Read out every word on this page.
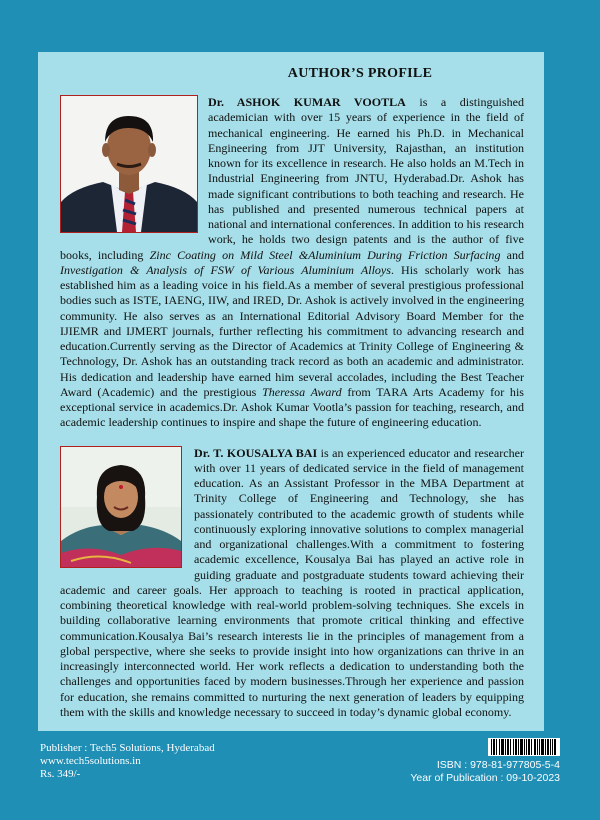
AUTHOR’S PROFILE
Dr. ASHOK KUMAR VOOTLA is a distinguished academician with over 15 years of experience in the field of mechanical engineering. He earned his Ph.D. in Mechanical Engineering from JJT University, Rajasthan, an institution known for its excellence in research. He also holds an M.Tech in Industrial Engineering from JNTU, Hyderabad.Dr. Ashok has made significant contributions to both teaching and research. He has published and presented numerous technical papers at national and international conferences. In addition to his research work, he holds two design patents and is the author of five books, including Zinc Coating on Mild Steel &Aluminium During Friction Surfacing and Investigation & Analysis of FSW of Various Aluminium Alloys. His scholarly work has established him as a leading voice in his field.As a member of several prestigious professional bodies such as ISTE, IAENG, IIW, and IRED, Dr. Ashok is actively involved in the engineering community. He also serves as an International Editorial Advisory Board Member for the IJIEMR and IJMERT journals, further reflecting his commitment to advancing research and education.Currently serving as the Director of Academics at Trinity College of Engineering & Technology, Dr. Ashok has an outstanding track record as both an academic and administrator. His dedication and leadership have earned him several accolades, including the Best Teacher Award (Academic) and the prestigious Theressa Award from TARA Arts Academy for his exceptional service in academics.Dr. Ashok Kumar Vootla’s passion for teaching, research, and academic leadership continues to inspire and shape the future of engineering education.
Dr. T. KOUSALYA BAI is an experienced educator and researcher with over 11 years of dedicated service in the field of management education. As an Assistant Professor in the MBA Department at Trinity College of Engineering and Technology, she has passionately contributed to the academic growth of students while continuously exploring innovative solutions to complex managerial and organizational challenges.With a commitment to fostering academic excellence, Kousalya Bai has played an active role in guiding graduate and postgraduate students toward achieving their academic and career goals. Her approach to teaching is rooted in practical application, combining theoretical knowledge with real-world problem-solving techniques. She excels in building collaborative learning environments that promote critical thinking and effective communication.Kousalya Bai’s research interests lie in the principles of management from a global perspective, where she seeks to provide insight into how organizations can thrive in an increasingly interconnected world. Her work reflects a dedication to understanding both the challenges and opportunities faced by modern businesses.Through her experience and passion for education, she remains committed to nurturing the next generation of leaders by equipping them with the skills and knowledge necessary to succeed in today’s dynamic global economy.
Publisher : Tech5 Solutions, Hyderabad
www.tech5solutions.in
Rs. 349/-
ISBN : 978-81-977805-5-4
Year of Publication : 09-10-2023
